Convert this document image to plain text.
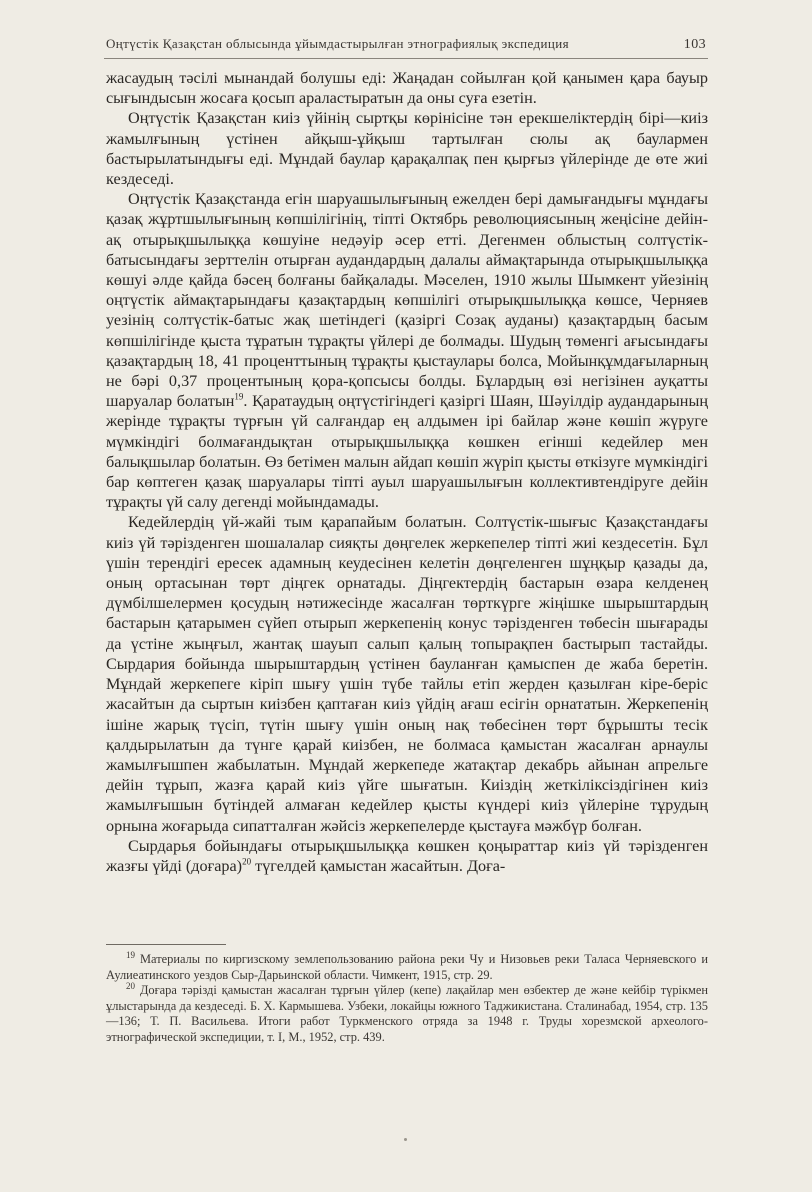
Оңтүстік Қазақстан облысында ұйымдастырылған этнографиялық экспедиция	103

жасаудың тәсілі мынандай болушы еді: Жаңадан сойылған қой қанымен қара бауыр сығындысын жосаға қосып араластыратын да оны суға езетін.

Оңтүстік Қазақстан киіз үйінің сыртқы көрінісіне тән ерекшеліктердің бірі—киіз жамылғының үстінен айқыш-ұйқыш тартылған сюлы ақ баулармен бастырылатындығы еді. Мұндай баулар қарақалпақ пен қырғыз үйлерінде де өте жиі кездеседі.

Оңтүстік Қазақстанда егін шаруашылығының ежелден бері дамығандығы мұндағы қазақ жұртшылығының көпшілігінің, тіпті Октябрь революциясының жеңісіне дейін-ақ отырықшылыққа көшуіне недәуір әсер етті. Дегенмен облыстың солтүстік-батысындағы зерттелін отырған аудандардың далалы аймақтарында отырықшылыққа көшуі әлде қайда бәсең болғаны байқалады. Мәселен, 1910 жылы Шымкент уйезінің оңтүстік аймақтарындағы қазақтардың көпшілігі отырықшылыққа көшсе, Черняев уезінің солтүстік-батыс жақ шетіндегі (қазіргі Созақ ауданы) қазақтардың басым көпшілігінде қыста тұратын тұрақты үйлері де болмады. Шудың төменгі ағысындағы қазақтардың 18, 41 проценттының тұрақты қыстаулары болса, Мойынқұмдағыларның не бәрі 0,37 процентының қора-қопсысы болды. Бұлардың өзі негізінен ауқатты шаруалар болатын$^{19}$. Қаратаудың оңтүстігіндегі қазіргі Шаян, Шәуілдір аудандарының жерінде тұрақты түрғын үй салғандар ең алдымен ірі байлар және көшіп жүруге мүмкіндігі болмағандықтан отырықшылыққа көшкен егінші кедейлер мен балықшылар болатын. Өз бетімен малын айдап көшіп жүріп қысты өткізуге мүмкіндігі бар көптеген қазақ шаруалары тіпті ауыл шаруашылығын коллективтендіруге дейін тұрақты үй салу дегенді мойындамады.

Кедейлердің үй-жайі тым қарапайым болатын. Солтүстік-шығыс Қазақстандағы киіз үй тәрізденген шошалалар сияқты дөңгелек жеркепелер тіпті жиі кездесетін. Бұл үшін терендігі ересек адамның кеудесінен келетін дөңгеленген шұңқыр қазады да, оның ортасынан төрт діңгек орнатады. Діңгектердің бастарын өзара келденең дүмбілшелермен қосудың нәтижесінде жасалған төрткүрге жіңішке шырыштардың бастарын қатарымен сүйеп отырып жеркепенің конус тәрізденген төбесін шығарады да үстіне жыңғыл, жантақ шауып салып қалың топырақпен бастырып тастайды. Сырдария бойында шырыштардың үстінен бауланған қамыспен де жаба беретін. Мұндай жеркепеге кіріп шығу үшін түбе тайлы етіп жерден қазылған кіре-беріс жасайтын да сыртын киізбен қаптаған киіз үйдің ағаш есігін орнататын. Жеркепенің ішіне жарық түсіп, түтін шығу үшін оның нақ төбесінен төрт бұрышты тесік қалдырылатын да түнге қарай киізбен, не болмаса қамыстан жасалған арнаулы жамылғышпен жабылатын. Мұндай жеркепеде жатақтар декабрь айынан апрельге дейін тұрып, жазға қарай киіз үйге шығатын. Киіздің жеткіліксіздігінен киіз жамылғышын бүтіндей алмаған кедейлер қысты күндері киіз үйлеріне тұрудың орнына жоғарыда сипатталған жәйсіз жеркепелерде қыстауға мәжбүр болған.

Сырдарья бойындағы отырықшылыққа көшкен қоңыраттар киіз үй тәрізденген жазғы үйді (доғара)$^{20}$ түгелдей қамыстан жасайтын. Доға-

$^{19}$ Материалы по киргизскому землепользованию района реки Чу и Низовьев реки Таласа Черняевского и Аулиеатинского уездов Сыр-Дарьинской области. Чимкент, 1915, стр. 29.

$^{20}$ Доғара тәрізді қамыстан жасалған тұрғын үйлер (кепе) лақайлар мен өзбектер де және кейбір түрікмен ұлыстарында да кездеседі. Б. Х. Кармышева. Узбеки, локайцы южного Таджикистана. Сталинабад, 1954, стр. 135—136; Т. П. Васильева. Итоги работ Туркменского отряда за 1948 г. Труды хорезмской археолого-этнографической экспедиции, т. I, М., 1952, стр. 439.
